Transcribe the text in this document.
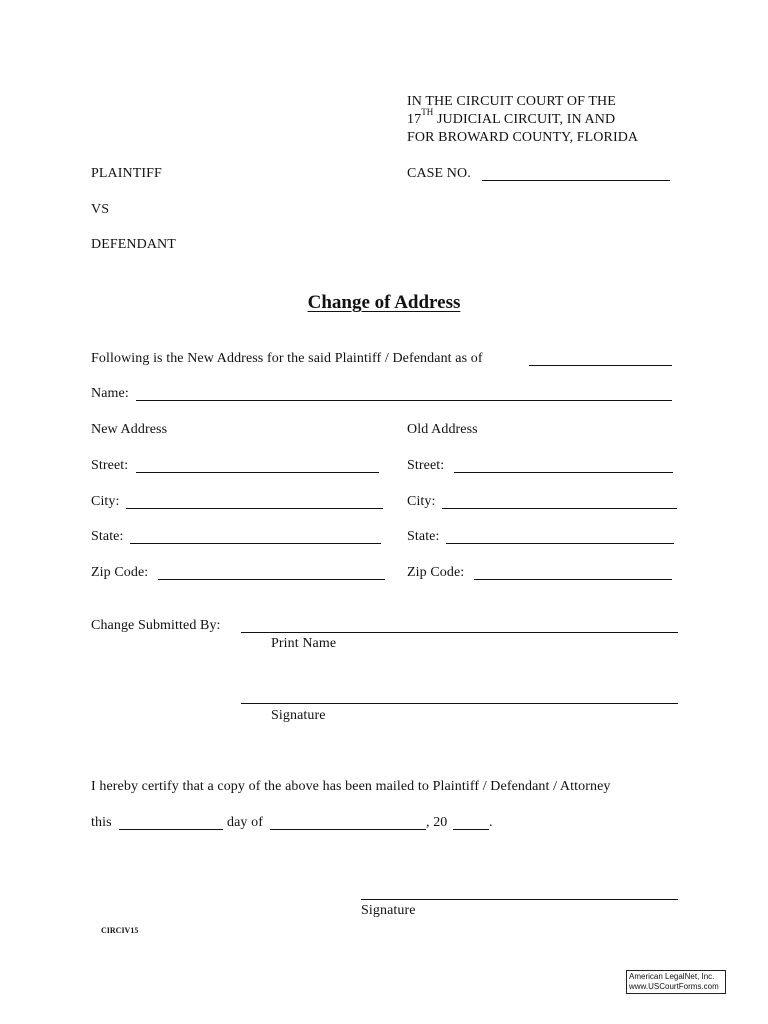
IN THE CIRCUIT COURT OF THE
17TH JUDICIAL CIRCUIT, IN AND
FOR BROWARD COUNTY, FLORIDA
PLAINTIFF	CASE NO.
VS
DEFENDANT
Change of Address
Following is the New Address for the said Plaintiff / Defendant as of
Name:
New Address	Old Address
Street:	Street:
City:	City:
State:	State:
Zip Code:	Zip Code:
Change Submitted By:
Print Name
Signature
I hereby certify that a copy of the above has been mailed to Plaintiff / Defendant / Attorney
this	day of	, 20	.
Signature
CIRCIV15
American LegalNet, Inc.
www.USCourtForms.com
